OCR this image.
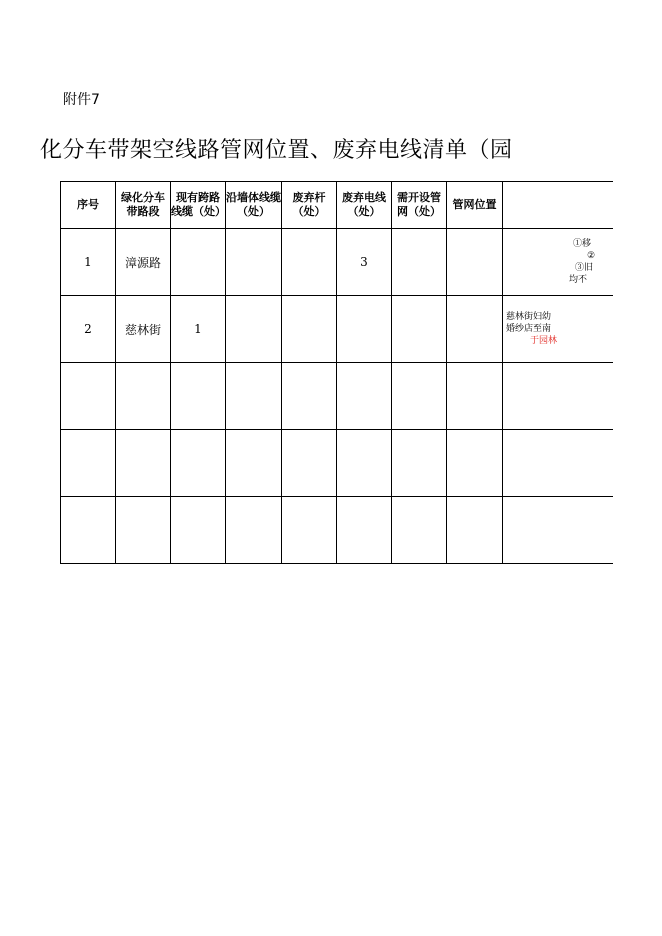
附件7
化分车带架空线路管网位置、废弃电线清单（园
序号	绿化分车带路段	现有跨路线缆（处）	沿墙体线缆（处）	废弃杆（处）	废弃电线（处）	需开设管网（处）	管网位置	
1	漳源路				3			①移
②
③旧
均不

2	慈林街	1						慈林街妇幼
婚纱店至南
于园林
